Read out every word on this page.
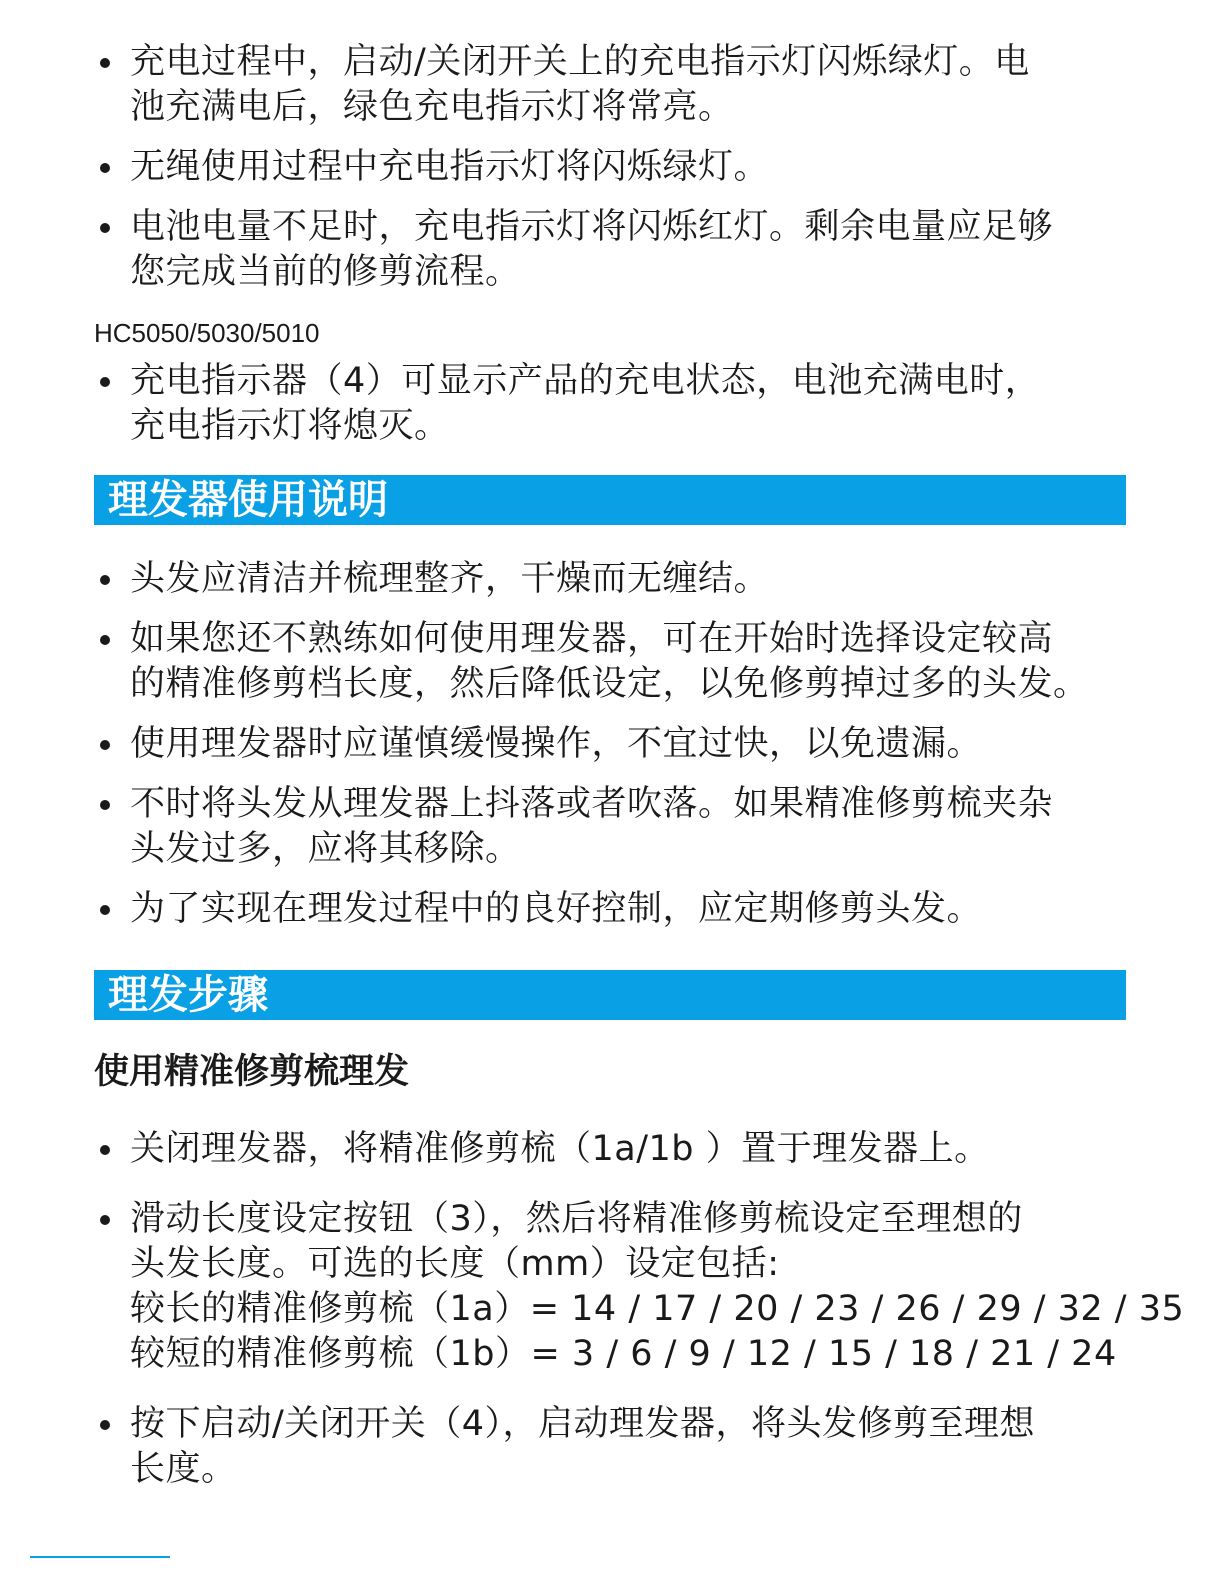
充电过程中，启动/关闭开关上的充电指示灯闪烁绿灯。电
池充满电后，绿色充电指示灯将常亮。
无绳使用过程中充电指示灯将闪烁绿灯。
电池电量不足时，充电指示灯将闪烁红灯。剩余电量应足够
您完成当前的修剪流程。
HC5050/5030/5010
充电指示器（4）可显示产品的充电状态，电池充满电时，
充电指示灯将熄灭。
理发器使用说明
头发应清洁并梳理整齐，干燥而无缠结。
如果您还不熟练如何使用理发器，可在开始时选择设定较高
的精准修剪档长度，然后降低设定，以免修剪掉过多的头发。
使用理发器时应谨慎缓慢操作，不宜过快，以免遗漏。
不时将头发从理发器上抖落或者吹落。如果精准修剪梳夹杂
头发过多，应将其移除。
为了实现在理发过程中的良好控制，应定期修剪头发。
理发步骤
使用精准修剪梳理发
关闭理发器，将精准修剪梳（1a/1b ）置于理发器上。
滑动长度设定按钮（3），然后将精准修剪梳设定至理想的
头发长度。可选的长度（mm）设定包括:
较长的精准修剪梳（1a）= 14 / 17 / 20 / 23 / 26 / 29 / 32 / 35
较短的精准修剪梳（1b）= 3 / 6 / 9 / 12 / 15 / 18 / 21 / 24
按下启动/关闭开关（4），启动理发器，将头发修剪至理想
长度。
